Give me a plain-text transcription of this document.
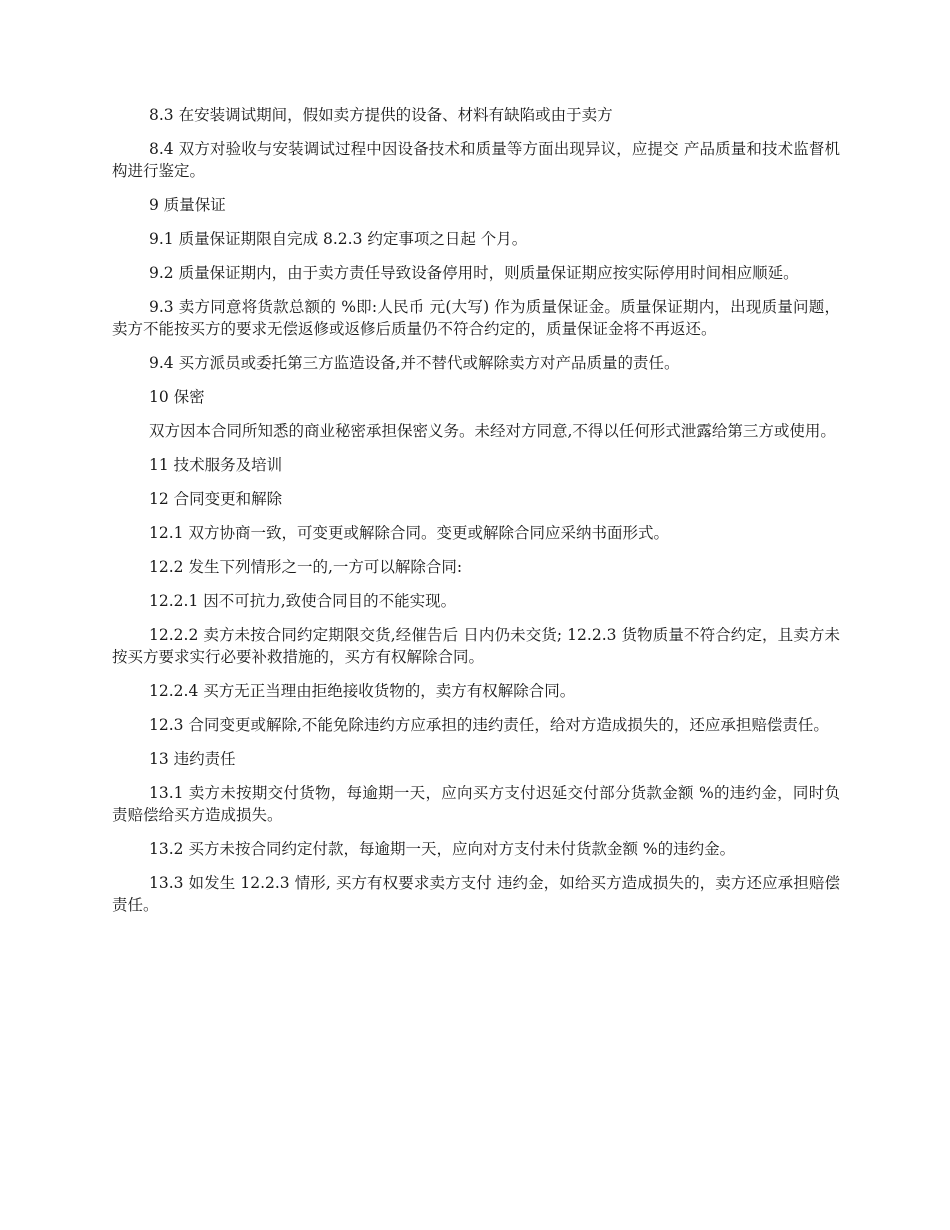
8.3 在安装调试期间，假如卖方提供的设备、材料有缺陷或由于卖方

8.4 双方对验收与安装调试过程中因设备技术和质量等方面出现异议，应提交 产品质量和技术监督机构进行鉴定。

9 质量保证

9.1 质量保证期限自完成 8.2.3 约定事项之日起 个月。

9.2 质量保证期内，由于卖方责任导致设备停用时，则质量保证期应按实际停用时间相应顺延。

9.3 卖方同意将货款总额的 %即:人民币 元(大写) 作为质量保证金。质量保证期内，出现质量问题，卖方不能按买方的要求无偿返修或返修后质量仍不符合约定的，质量保证金将不再返还。

9.4 买方派员或委托第三方监造设备,并不替代或解除卖方对产品质量的责任。

10 保密

双方因本合同所知悉的商业秘密承担保密义务。未经对方同意,不得以任何形式泄露给第三方或使用。

11 技术服务及培训

12 合同变更和解除

12.1 双方协商一致，可变更或解除合同。变更或解除合同应采纳书面形式。

12.2 发生下列情形之一的,一方可以解除合同:

12.2.1 因不可抗力,致使合同目的不能实现。

12.2.2 卖方未按合同约定期限交货,经催告后 日内仍未交货; 12.2.3 货物质量不符合约定，且卖方未按买方要求实行必要补救措施的，买方有权解除合同。

12.2.4 买方无正当理由拒绝接收货物的，卖方有权解除合同。

12.3 合同变更或解除,不能免除违约方应承担的违约责任，给对方造成损失的，还应承担赔偿责任。

13 违约责任

13.1 卖方未按期交付货物，每逾期一天，应向买方支付迟延交付部分货款金额 %的违约金，同时负责赔偿给买方造成损失。

13.2 买方未按合同约定付款，每逾期一天，应向对方支付未付货款金额 %的违约金。

13.3 如发生 12.2.3 情形, 买方有权要求卖方支付 违约金，如给买方造成损失的，卖方还应承担赔偿责任。
